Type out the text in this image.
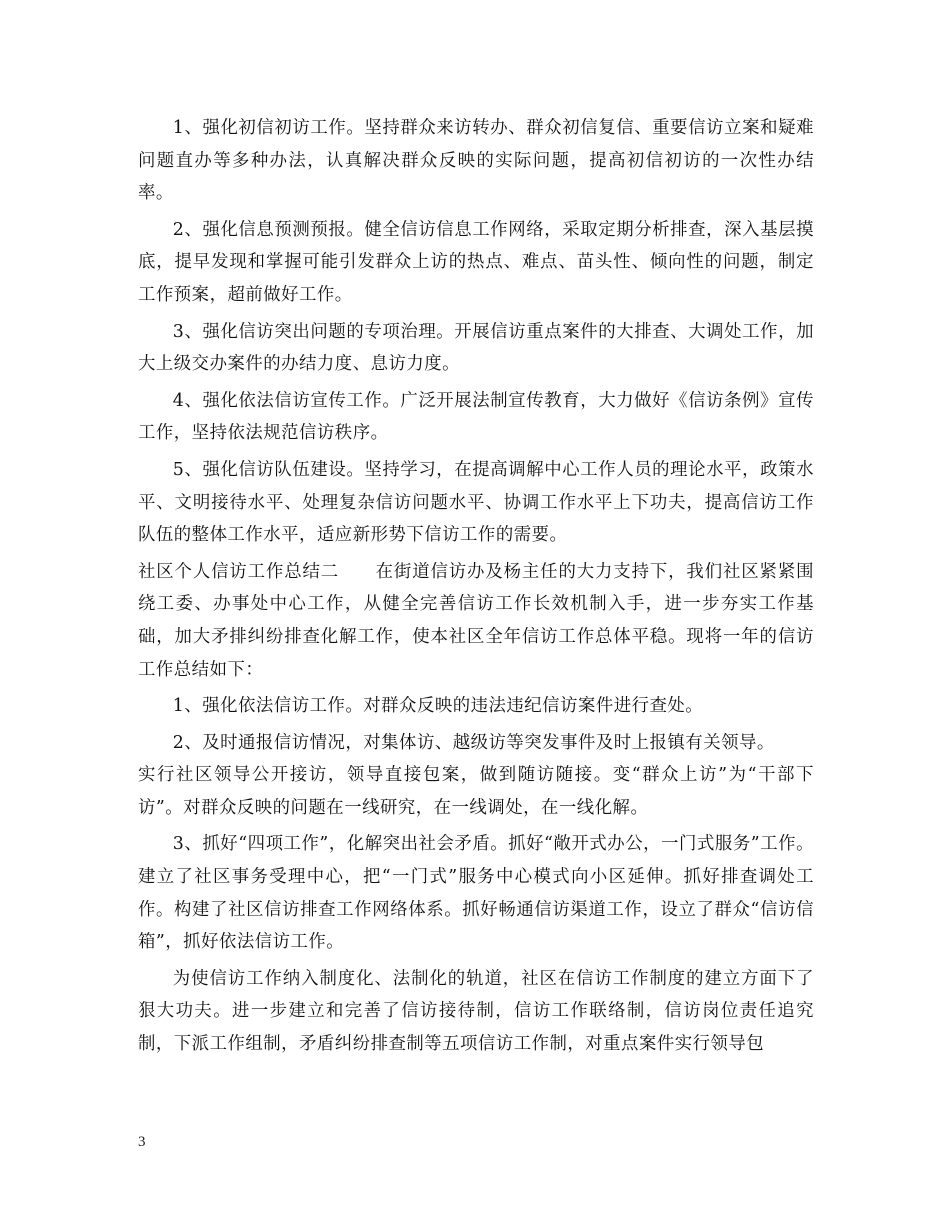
1、强化初信初访工作。坚持群众来访转办、群众初信复信、重要信访立案和疑难问题直办等多种办法，认真解决群众反映的实际问题，提高初信初访的一次性办结率。

2、强化信息预测预报。健全信访信息工作网络，采取定期分析排查，深入基层摸底，提早发现和掌握可能引发群众上访的热点、难点、苗头性、倾向性的问题，制定工作预案，超前做好工作。

3、强化信访突出问题的专项治理。开展信访重点案件的大排查、大调处工作，加大上级交办案件的办结力度、息访力度。

4、强化依法信访宣传工作。广泛开展法制宣传教育，大力做好《信访条例》宣传工作，坚持依法规范信访秩序。

5、强化信访队伍建设。坚持学习，在提高调解中心工作人员的理论水平，政策水平、文明接待水平、处理复杂信访问题水平、协调工作水平上下功夫，提高信访工作队伍的整体工作水平，适应新形势下信访工作的需要。

社区个人信访工作总结二　　在街道信访办及杨主任的大力支持下，我们社区紧紧围绕工委、办事处中心工作，从健全完善信访工作长效机制入手，进一步夯实工作基础，加大矛排纠纷排查化解工作，使本社区全年信访工作总体平稳。现将一年的信访工作总结如下：

1、强化依法信访工作。对群众反映的违法违纪信访案件进行查处。

2、及时通报信访情况，对集体访、越级访等突发事件及时上报镇有关领导。

实行社区领导公开接访，领导直接包案，做到随访随接。变“群众上访”为“干部下访”。对群众反映的问题在一线研究，在一线调处，在一线化解。

3、抓好“四项工作”，化解突出社会矛盾。抓好“敞开式办公，一门式服务”工作。建立了社区事务受理中心，把“一门式”服务中心模式向小区延伸。抓好排查调处工作。构建了社区信访排查工作网络体系。抓好畅通信访渠道工作，设立了群众“信访信箱”，抓好依法信访工作。

为使信访工作纳入制度化、法制化的轨道，社区在信访工作制度的建立方面下了狠大功夫。进一步建立和完善了信访接待制，信访工作联络制，信访岗位责任追究制，下派工作组制，矛盾纠纷排查制等五项信访工作制，对重点案件实行领导包

3
